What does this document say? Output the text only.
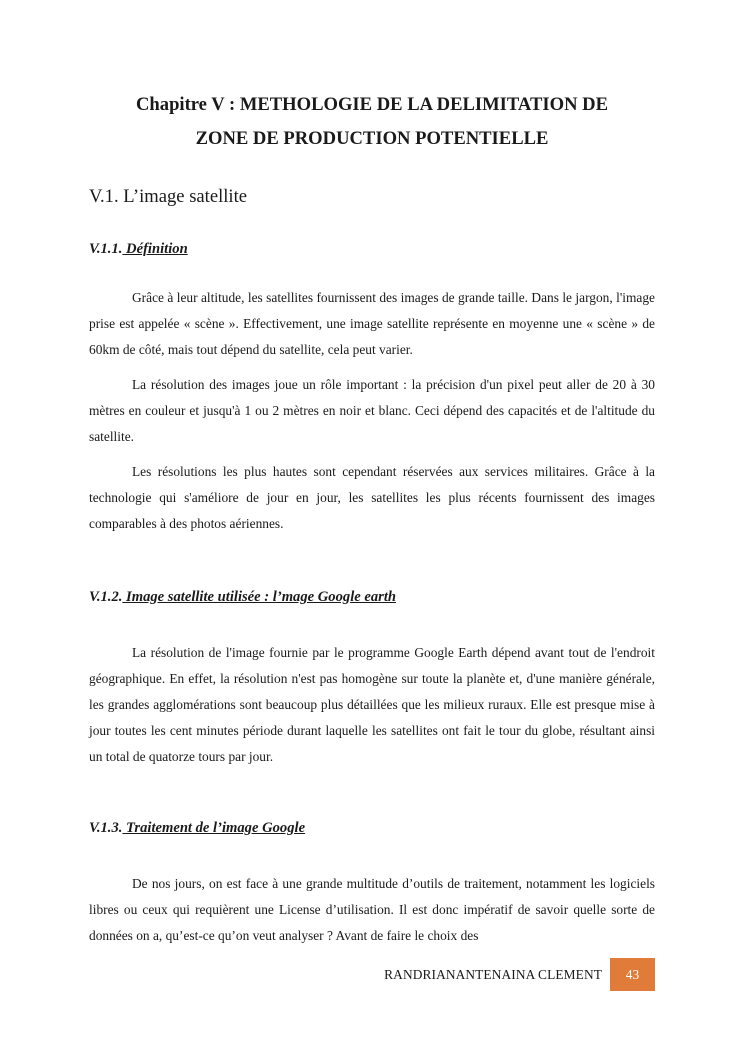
Chapitre V : METHOLOGIE DE LA DELIMITATION DE
ZONE DE PRODUCTION POTENTIELLE
V.1. L’image satellite
V.1.1. Définition

Grâce à leur altitude, les satellites fournissent des images de grande taille. Dans le jargon, l'image prise est appelée « scène ». Effectivement, une image satellite représente en moyenne une « scène » de 60km de côté, mais tout dépend du satellite, cela peut varier.

La résolution des images joue un rôle important : la précision d'un pixel peut aller de 20 à 30 mètres en couleur et jusqu'à 1 ou 2 mètres en noir et blanc. Ceci dépend des capacités et de l'altitude du satellite.

Les résolutions les plus hautes sont cependant réservées aux services militaires. Grâce à la technologie qui s'améliore de jour en jour, les satellites les plus récents fournissent des images comparables à des photos aériennes.

V.1.2. Image satellite utilisée : l’mage Google earth

La résolution de l'image fournie par le programme Google Earth dépend avant tout de l'endroit géographique. En effet, la résolution n'est pas homogène sur toute la planète et, d'une manière générale, les grandes agglomérations sont beaucoup plus détaillées que les milieux ruraux. Elle est presque mise à jour toutes les cent minutes période durant laquelle les satellites ont fait le tour du globe, résultant ainsi un total de quatorze tours par jour.

V.1.3. Traitement de l’image Google

De nos jours, on est face à une grande multitude d’outils de traitement, notamment les logiciels libres ou ceux qui requièrent une License d’utilisation. Il est donc impératif de savoir quelle sorte de données on a, qu’est-ce qu’on veut analyser ? Avant de faire le choix des

RANDRIANANTENAINA CLEMENT	43
